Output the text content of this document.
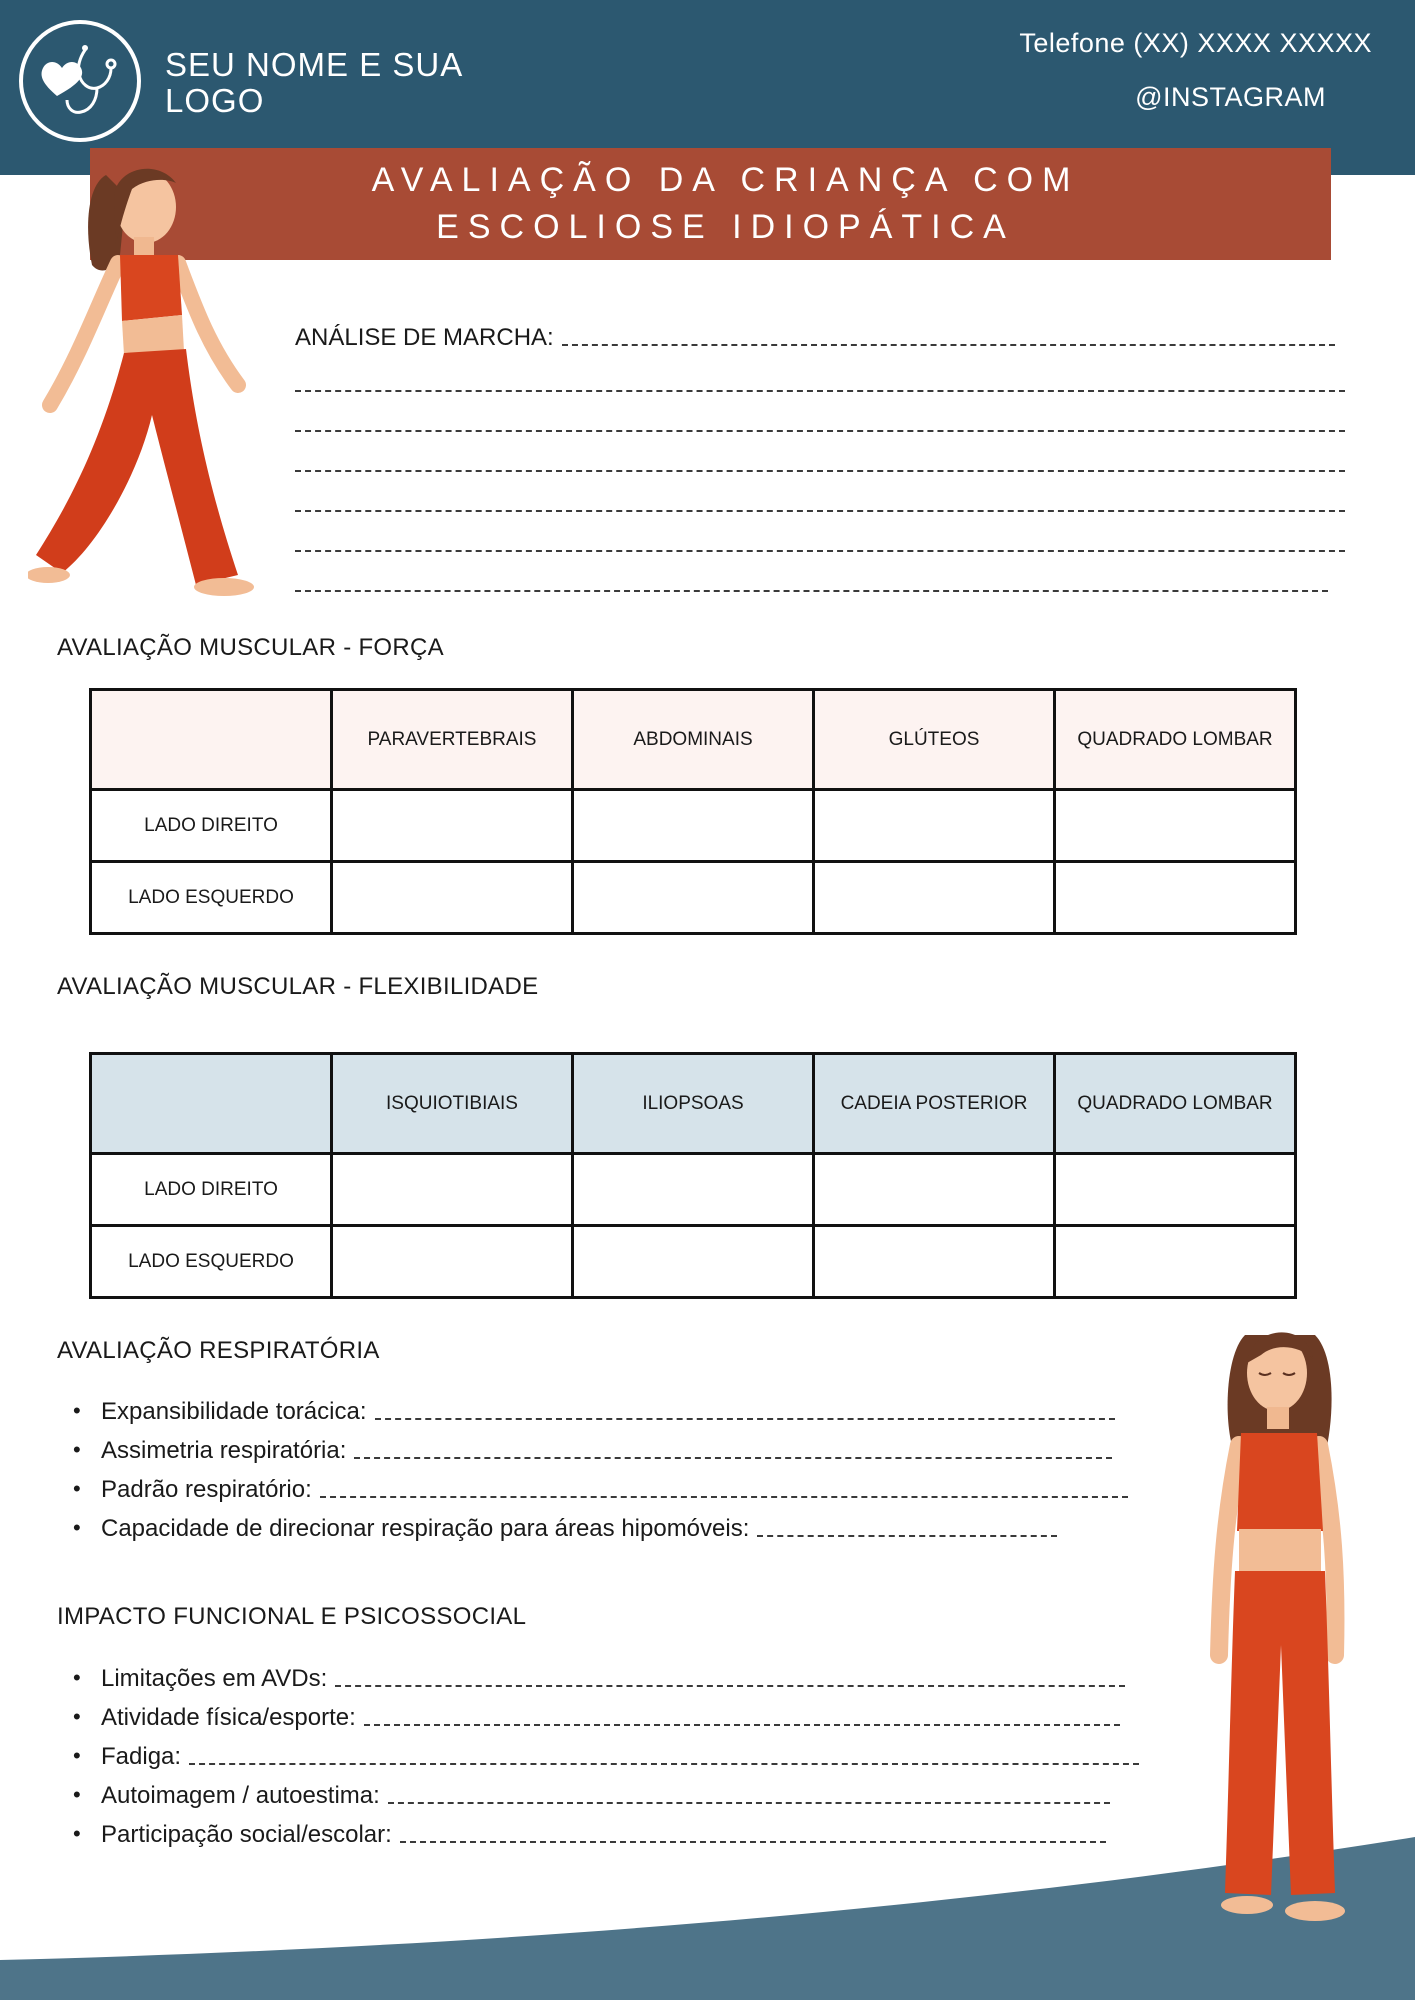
SEU NOME E SUA LOGO
Telefone (XX) XXXX XXXXX
@INSTAGRAM
AVALIAÇÃO DA CRIANÇA COM ESCOLIOSE IDIOPÁTICA
ANÁLISE DE MARCHA:
AVALIAÇÃO MUSCULAR - FORÇA
	PARAVERTEBRAIS	ABDOMINAIS	GLÚTEOS	QUADRADO LOMBAR
LADO DIREITO				
LADO ESQUERDO				
AVALIAÇÃO MUSCULAR - FLEXIBILIDADE
	ISQUIOTIBIAIS	ILIOPSOAS	CADEIA POSTERIOR	QUADRADO LOMBAR
LADO DIREITO				
LADO ESQUERDO				
AVALIAÇÃO RESPIRATÓRIA
• Expansibilidade torácica:
• Assimetria respiratória:
• Padrão respiratório:
• Capacidade de direcionar respiração para áreas hipomóveis:
IMPACTO FUNCIONAL E PSICOSSOCIAL
• Limitações em AVDs:
• Atividade física/esporte:
• Fadiga:
• Autoimagem / autoestima:
• Participação social/escolar:
